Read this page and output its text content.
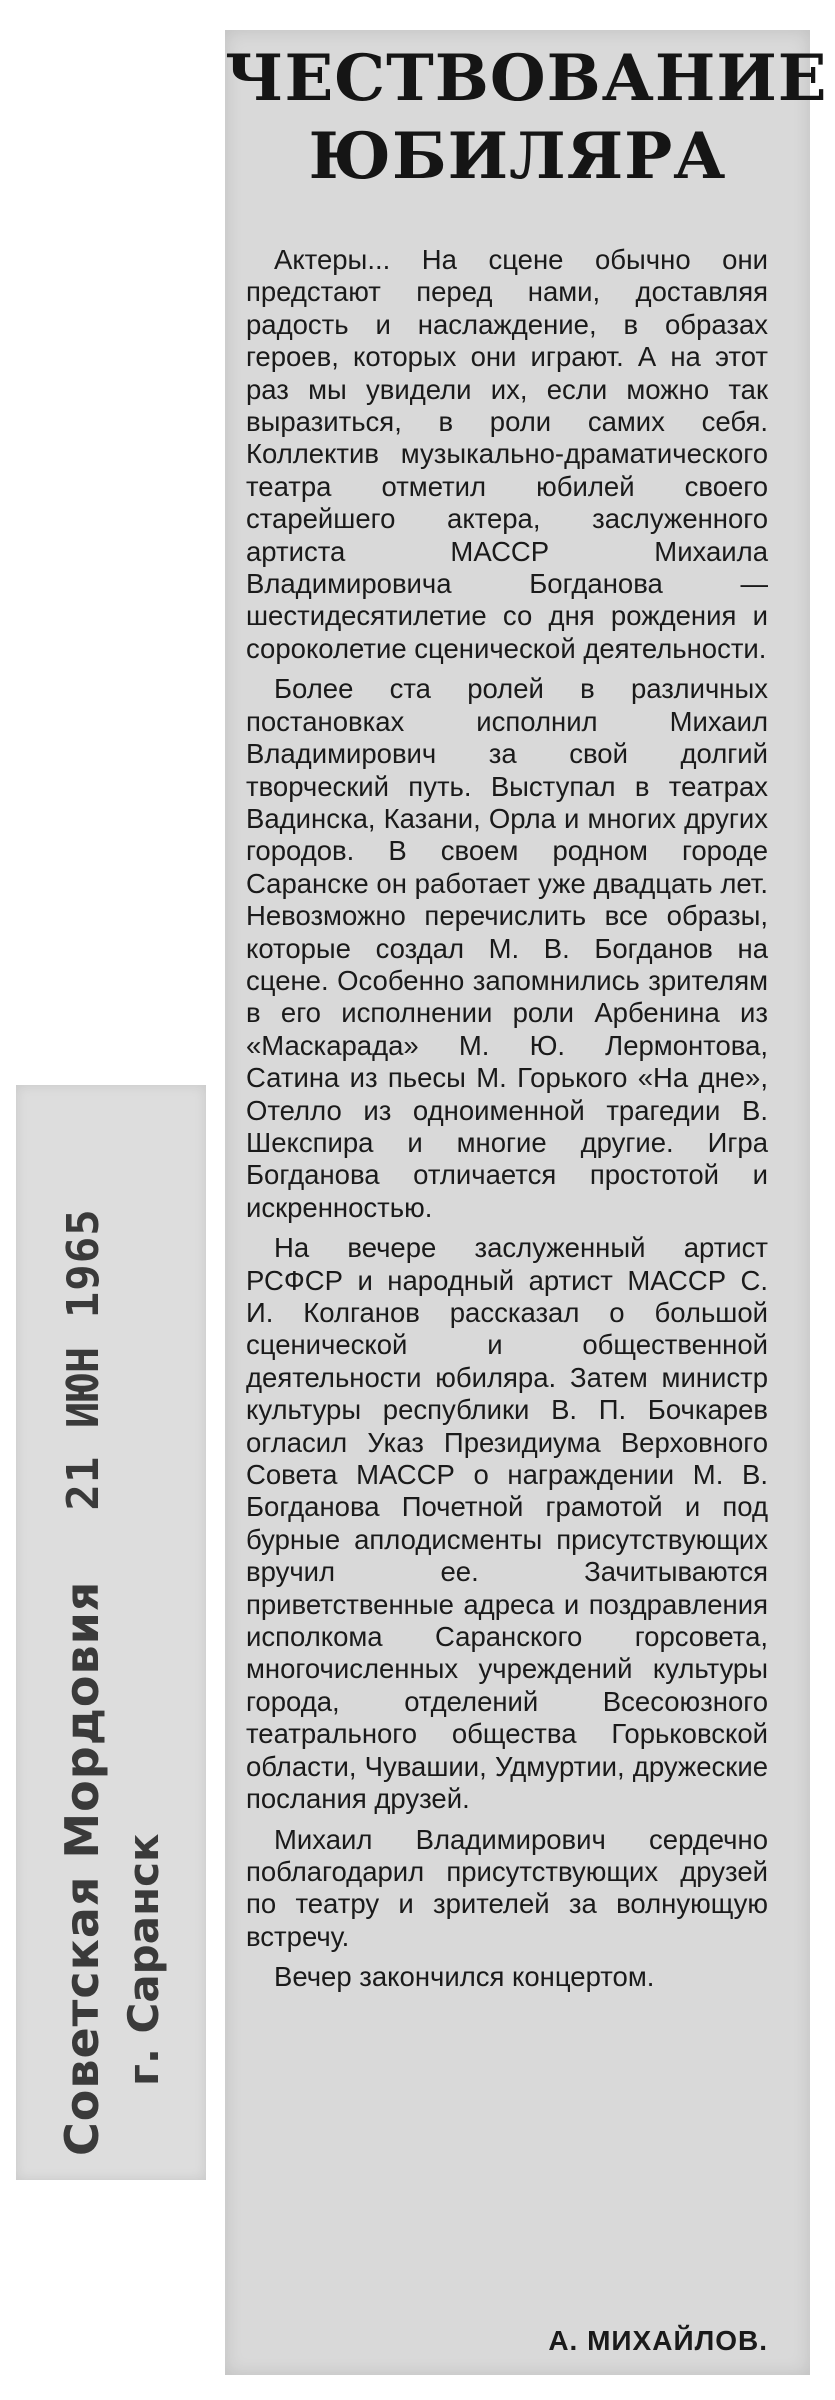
Советская Мордовия
21 ИЮН 1965
г. Саранск
ЧЕСТВОВАНИЕ
ЮБИЛЯРА

Актеры... На сцене обычно они предстают перед нами, доставляя радость и наслаждение, в образах героев, которых они играют. А на этот раз мы увидели их, если можно так выразиться, в роли самих себя. Коллектив музыкально-драматического театра отметил юбилей своего старейшего актера, заслуженного артиста МАССР Михаила Владимировича Богданова — шестидесятилетие со дня рождения и сороколетие сценической деятельности.

Более ста ролей в различных постановках исполнил Михаил Владимирович за свой долгий творческий путь. Выступал в театрах Вадинска, Казани, Орла и многих других городов. В своем родном городе Саранске он работает уже двадцать лет. Невозможно перечислить все образы, которые создал М. В. Богданов на сцене. Особенно запомнились зрителям в его исполнении роли Арбенина из «Маскарада» М. Ю. Лермонтова, Сатина из пьесы М. Горького «На дне», Отелло из одноименной трагедии В. Шекспира и многие другие. Игра Богданова отличается простотой и искренностью.

На вечере заслуженный артист РСФСР и народный артист МАССР С. И. Колганов рассказал о большой сценической и общественной деятельности юбиляра. Затем министр культуры республики В. П. Бочкарев огласил Указ Президиума Верховного Совета МАССР о награждении М. В. Богданова Почетной грамотой и под бурные аплодисменты присутствующих вручил ее. Зачитываются приветственные адреса и поздравления исполкома Саранского горсовета, многочисленных учреждений культуры города, отделений Всесоюзного театрального общества Горьковской области, Чувашии, Удмуртии, дружеские послания друзей.

Михаил Владимирович сердечно поблагодарил присутствующих друзей по театру и зрителей за волнующую встречу.

Вечер закончился концертом.

А. МИХАЙЛОВ.
